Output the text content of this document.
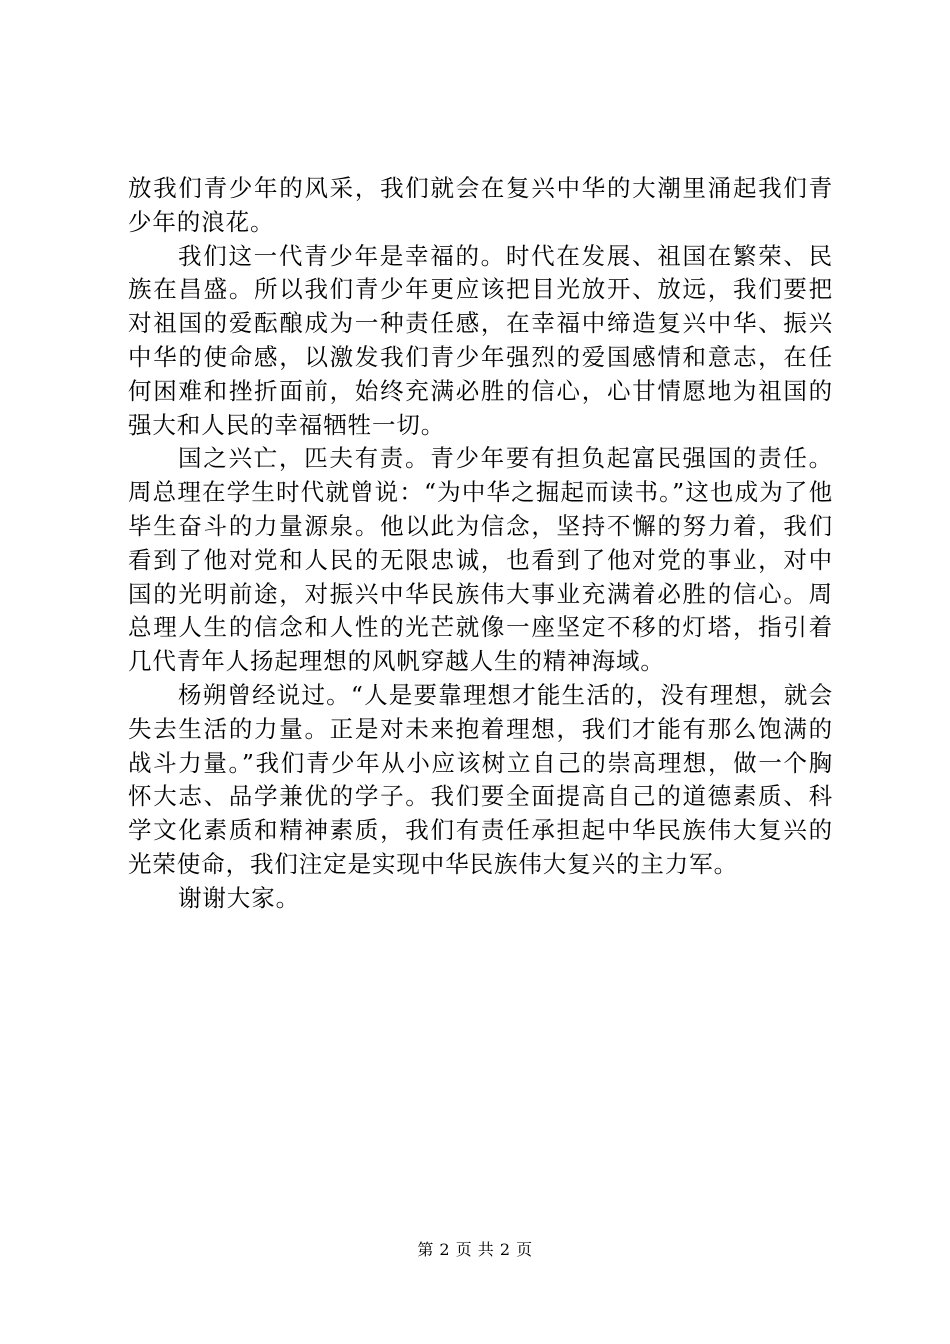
放我们青少年的风采，我们就会在复兴中华的大潮里涌起我们青少年的浪花。

我们这一代青少年是幸福的。时代在发展、祖国在繁荣、民族在昌盛。所以我们青少年更应该把目光放开、放远，我们要把对祖国的爱酝酿成为一种责任感，在幸福中缔造复兴中华、振兴中华的使命感，以激发我们青少年强烈的爱国感情和意志，在任何困难和挫折面前，始终充满必胜的信心，心甘情愿地为祖国的强大和人民的幸福牺牲一切。

国之兴亡，匹夫有责。青少年要有担负起富民强国的责任。周总理在学生时代就曾说：“为中华之掘起而读书。”这也成为了他毕生奋斗的力量源泉。他以此为信念，坚持不懈的努力着，我们看到了他对党和人民的无限忠诚，也看到了他对党的事业，对中国的光明前途，对振兴中华民族伟大事业充满着必胜的信心。周总理人生的信念和人性的光芒就像一座坚定不移的灯塔，指引着几代青年人扬起理想的风帆穿越人生的精神海域。

杨朔曾经说过。“人是要靠理想才能生活的，没有理想，就会失去生活的力量。正是对未来抱着理想，我们才能有那么饱满的战斗力量。”我们青少年从小应该树立自己的崇高理想，做一个胸怀大志、品学兼优的学子。我们要全面提高自己的道德素质、科学文化素质和精神素质，我们有责任承担起中华民族伟大复兴的光荣使命，我们注定是实现中华民族伟大复兴的主力军。

谢谢大家。

第 2 页 共 2 页
